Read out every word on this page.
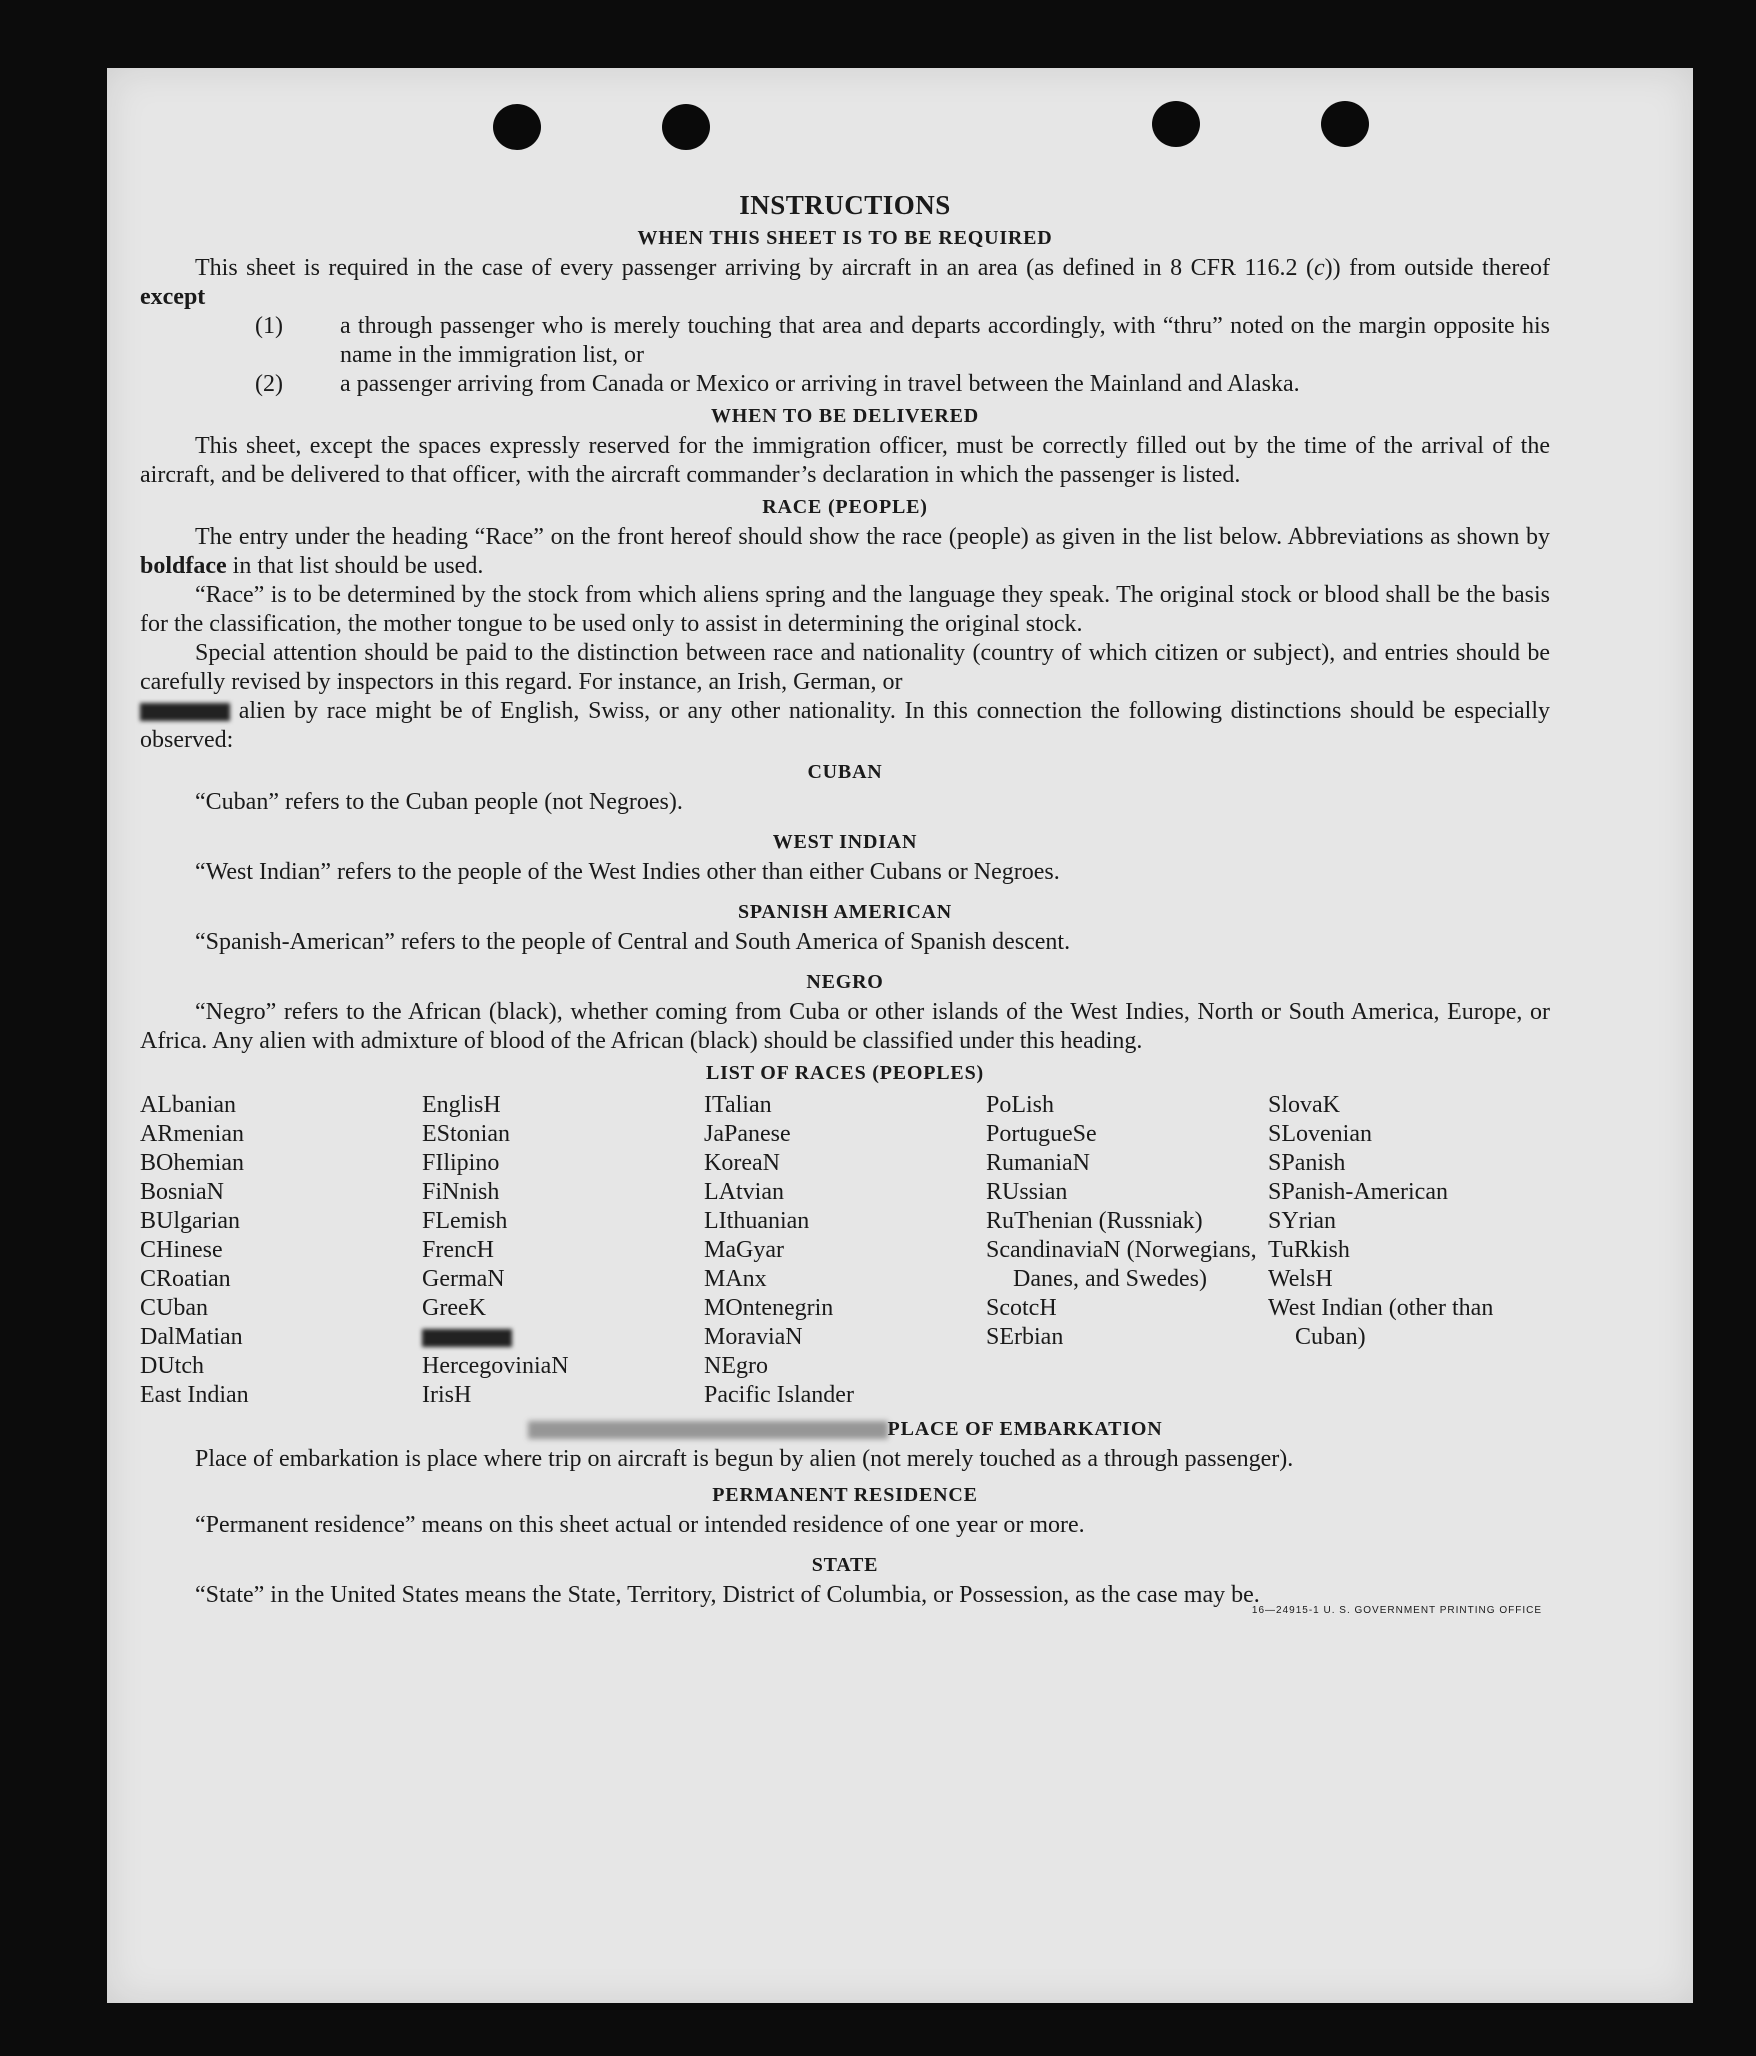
INSTRUCTIONS
WHEN THIS SHEET IS TO BE REQUIRED

This sheet is required in the case of every passenger arriving by aircraft in an area (as defined in 8 CFR 116.2 (c)) from outside thereof except

(1) a through passenger who is merely touching that area and departs accordingly, with “thru” noted on the margin opposite his name in the immigration list, or
(2) a passenger arriving from Canada or Mexico or arriving in travel between the Mainland and Alaska.
WHEN TO BE DELIVERED

This sheet, except the spaces expressly reserved for the immigration officer, must be correctly filled out by the time of the arrival of the aircraft, and be delivered to that officer, with the aircraft commander’s declaration in which the passenger is listed.

RACE (PEOPLE)

The entry under the heading “Race” on the front hereof should show the race (people) as given in the list below. Abbreviations as shown by boldface in that list should be used.

“Race” is to be determined by the stock from which aliens spring and the language they speak. The original stock or blood shall be the basis for the classification, the mother tongue to be used only to assist in determining the original stock.

Special attention should be paid to the distinction between race and nationality (country of which citizen or subject), and entries should be carefully revised by inspectors in this regard. For instance, an Irish, German, or
alien by race might be of English, Swiss, or any other nationality. In this connection the following distinctions should be especially observed:

CUBAN

“Cuban” refers to the Cuban people (not Negroes).

WEST INDIAN

“West Indian” refers to the people of the West Indies other than either Cubans or Negroes.

SPANISH AMERICAN

“Spanish-American” refers to the people of Central and South America of Spanish descent.

NEGRO

“Negro” refers to the African (black), whether coming from Cuba or other islands of the West Indies, North or South America, Europe, or Africa. Any alien with admixture of blood of the African (black) should be classified under this heading.

LIST OF RACES (PEOPLES)
ALbanian
ARmenian
BOhemian
BosniaN
BUlgarian
CHinese
CRoatian
CUban
DalMatian
DUtch
East Indian
EnglisH
EStonian
FIlipino
FiNnish
FLemish
FrencH
GermaN
GreeK
HercegoviniaN
IrisH
ITalian
JaPanese
KoreaN
LAtvian
LIthuanian
MaGyar
MAnx
MOntenegrin
MoraviaN
NEgro
Pacific Islander
PoLish
PortugueSe
RumaniaN
RUssian
RuThenian (Russniak)
ScandinaviaN (Norwegians, Danes, and Swedes)
ScotcH
SErbian
SlovaK
SLovenian
SPanish
SPanish-American
SYrian
TuRkish
WelsH
West Indian (other than Cuban)
PLACE OF EMBARKATION

Place of embarkation is place where trip on aircraft is begun by alien (not merely touched as a through passenger).

PERMANENT RESIDENCE

“Permanent residence” means on this sheet actual or intended residence of one year or more.

STATE

“State” in the United States means the State, Territory, District of Columbia, or Possession, as the case may be.

16—24915-1 U. S. GOVERNMENT PRINTING OFFICE
